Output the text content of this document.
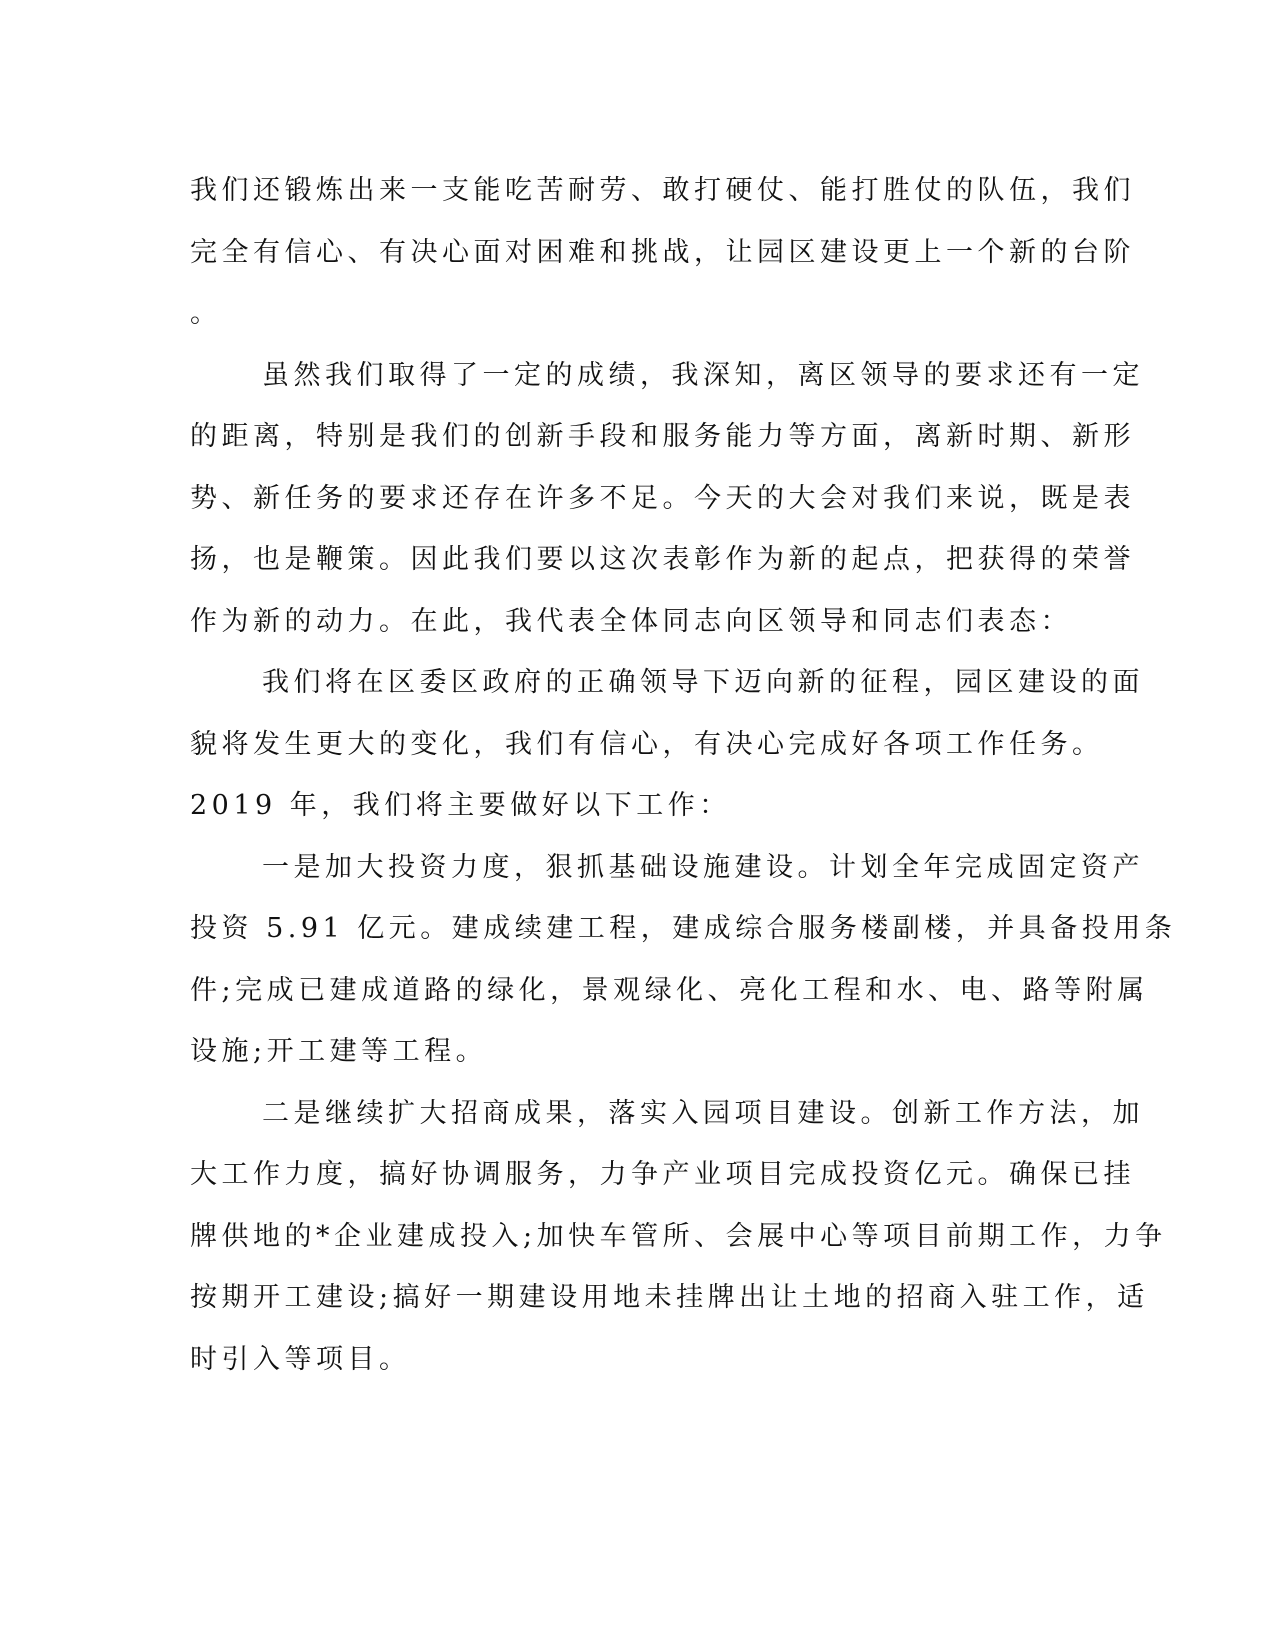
我们还锻炼出来一支能吃苦耐劳、敢打硬仗、能打胜仗的队伍，我们
完全有信心、有决心面对困难和挑战，让园区建设更上一个新的台阶
。
虽然我们取得了一定的成绩，我深知，离区领导的要求还有一定
的距离，特别是我们的创新手段和服务能力等方面，离新时期、新形
势、新任务的要求还存在许多不足。今天的大会对我们来说，既是表
扬，也是鞭策。因此我们要以这次表彰作为新的起点，把获得的荣誉
作为新的动力。在此，我代表全体同志向区领导和同志们表态：
我们将在区委区政府的正确领导下迈向新的征程，园区建设的面
貌将发生更大的变化，我们有信心，有决心完成好各项工作任务。
2019 年，我们将主要做好以下工作：
一是加大投资力度，狠抓基础设施建设。计划全年完成固定资产
投资 5.91 亿元。建成续建工程，建成综合服务楼副楼，并具备投用条
件;完成已建成道路的绿化，景观绿化、亮化工程和水、电、路等附属
设施;开工建等工程。
二是继续扩大招商成果，落实入园项目建设。创新工作方法，加
大工作力度，搞好协调服务，力争产业项目完成投资亿元。确保已挂
牌供地的*企业建成投入;加快车管所、会展中心等项目前期工作，力争
按期开工建设;搞好一期建设用地未挂牌出让土地的招商入驻工作，适
时引入等项目。
